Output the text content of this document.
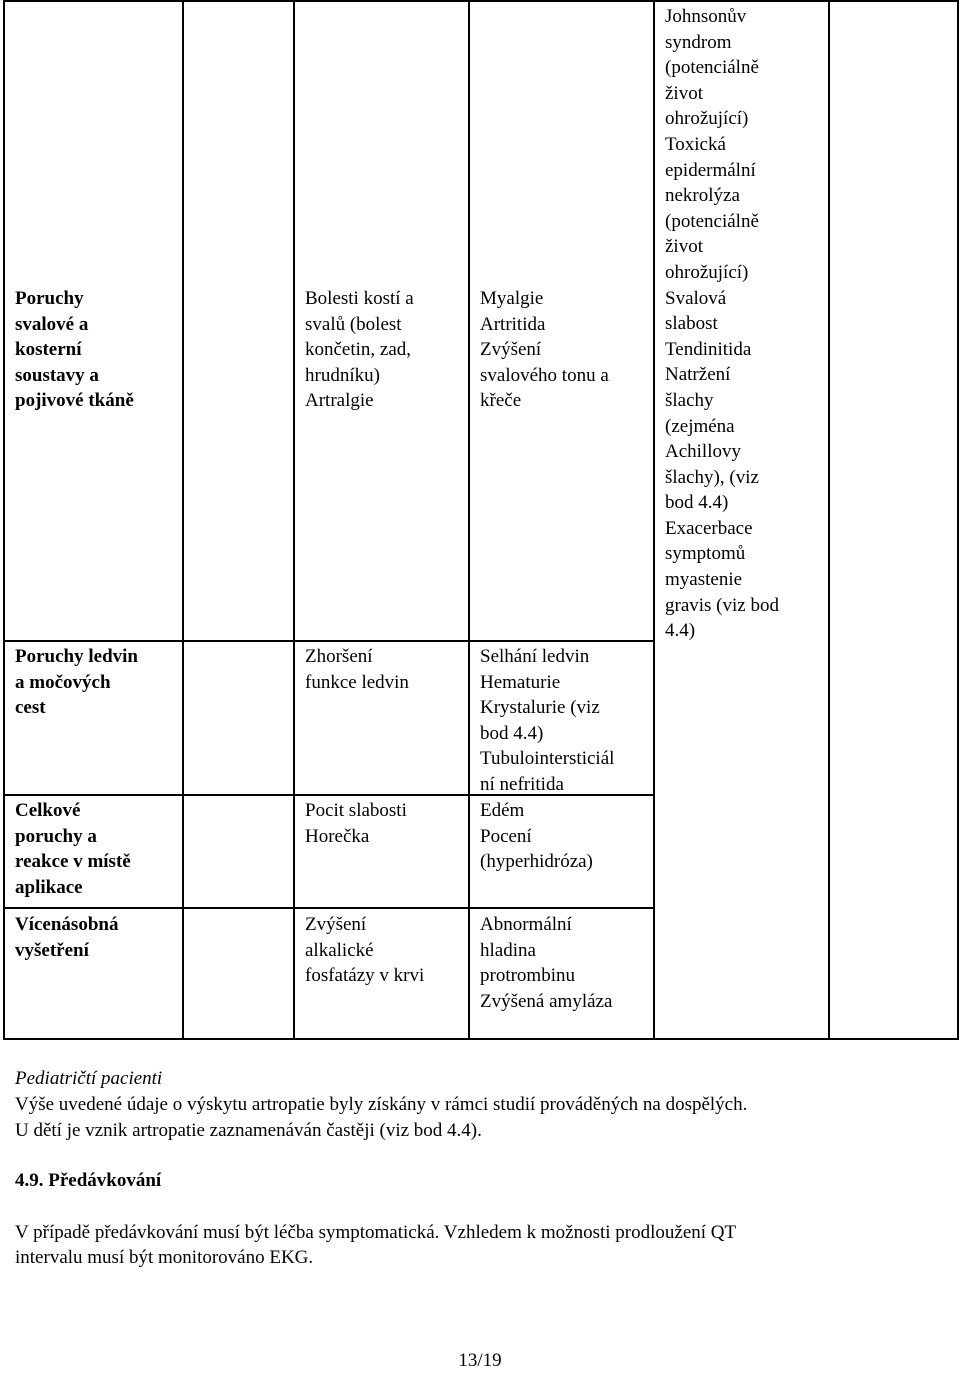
Poruchy
svalové a
kosterní
soustavy a
pojivové tkáně
Bolesti kostí a
svalů (bolest
končetin, zad,
hrudníku)
Artralgie
Myalgie
Artritida
Zvýšení
svalového tonu a
křeče
Poruchy ledvin
a močových
cest
Zhoršení
funkce ledvin
Selhání ledvin
Hematurie
Krystalurie (viz
bod 4.4)
Tubulointersticiál
ní nefritida
Celkové
poruchy a
reakce v místě
aplikace
Pocit slabosti
Horečka
Edém
Pocení
(hyperhidróza)
Vícenásobná
vyšetření
Zvýšení
alkalické
fosfatázy v krvi
Abnormální
hladina
protrombinu
Zvýšená amyláza
Johnsonův
syndrom
(potenciálně
život
ohrožující)
Toxická
epidermální
nekrolýza
(potenciálně
život
ohrožující)
Svalová
slabost
Tendinitida
Natržení
šlachy
(zejména
Achillovy
šlachy), (viz
bod 4.4)
Exacerbace
symptomů
myastenie
gravis (viz bod
4.4)
Pediatričtí pacienti
Výše uvedené údaje o výskytu artropatie byly získány v rámci studií prováděných na dospělých.
U dětí je vznik artropatie zaznamenáván častěji (viz bod 4.4).
4.9. Předávkování
V případě předávkování musí být léčba symptomatická. Vzhledem k možnosti prodloužení QT
intervalu musí být monitorováno EKG.
13/19
